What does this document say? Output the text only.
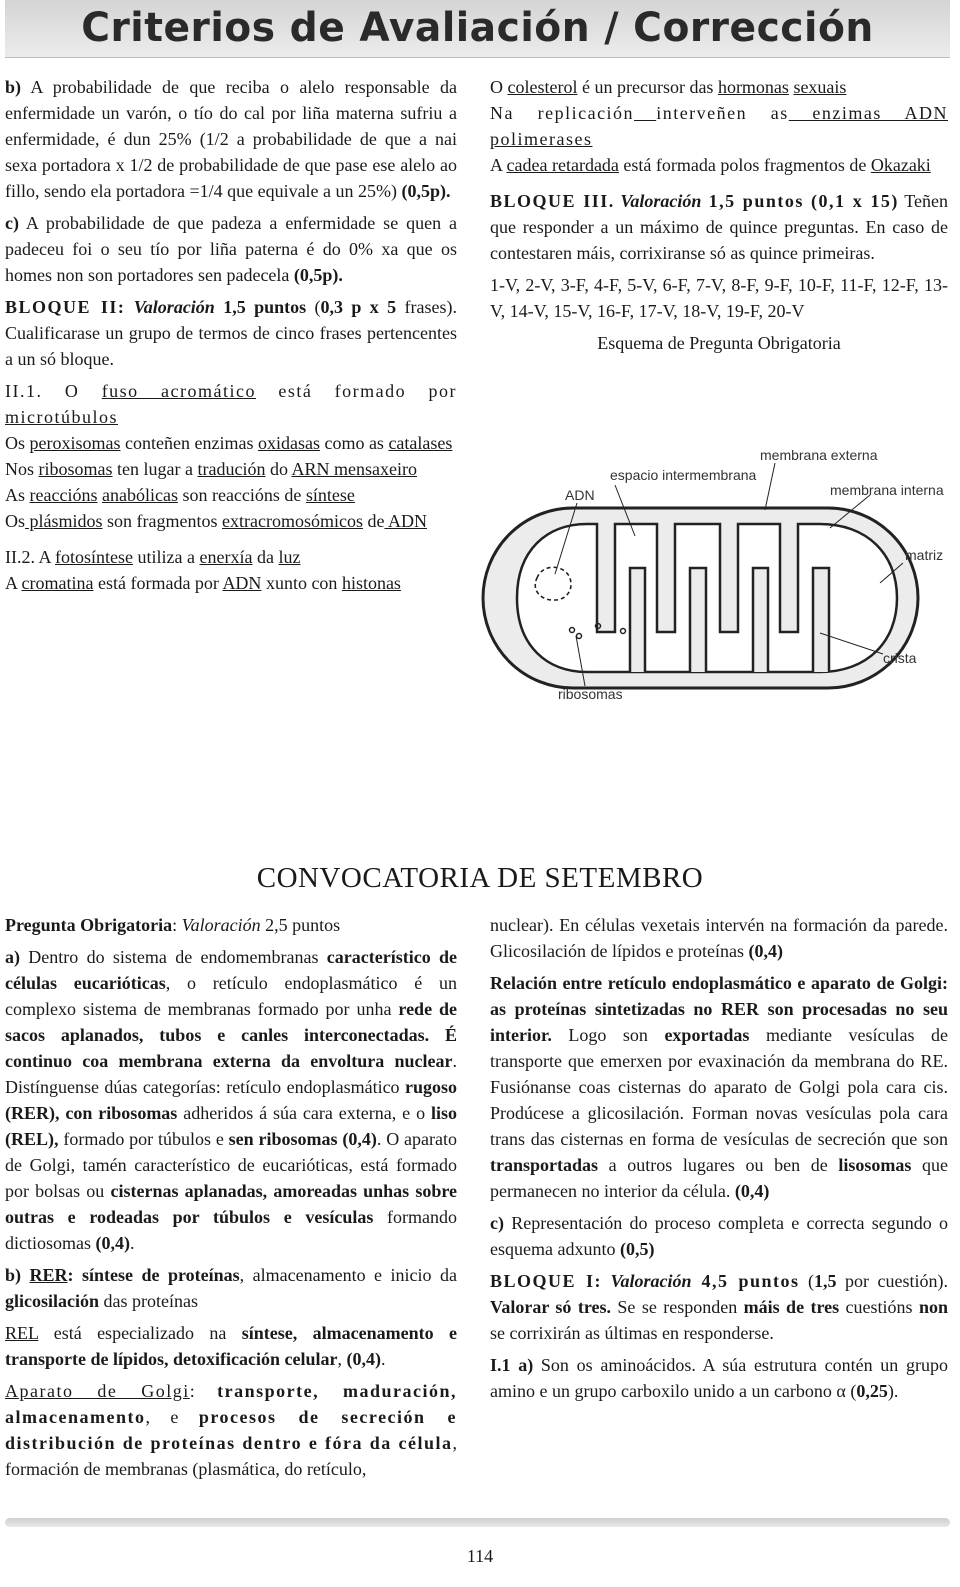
Criterios de Avaliación / Corrección

b) A probabilidade de que reciba o alelo responsable da enfermidade un varón, o tío do cal por liña materna sufriu a enfermidade, é dun 25% (1/2 a probabilidade de que a nai sexa portadora x 1/2 de probabilidade de que pase ese alelo ao fillo, sendo ela portadora =1/4 que equivale a un 25%) (0,5p).

c) A probabilidade de que padeza a enfermidade se quen a padeceu foi o seu tío por liña paterna é do 0% xa que os homes non son portadores sen padecela (0,5p).

BLOQUE II: Valoración 1,5 puntos (0,3 p x 5 frases). Cualificarase un grupo de termos de cinco frases pertencentes a un só bloque.

II.1. O fuso acromático está formado por microtúbulos

Os peroxisomas conteñen enzimas oxidasas como as catalases

Nos ribosomas ten lugar a tradución do ARN mensaxeiro

As reaccións anabólicas son reaccións de síntese

Os plásmidos son fragmentos extracromosómicos de ADN

II.2. A fotosíntese utiliza a enerxía da luz

A cromatina está formada por ADN xunto con histonas

O colesterol é un precursor das hormonas sexuais

Na replicación interveñen as enzimas ADN polimerases

A cadea retardada está formada polos fragmentos de Okazaki

BLOQUE III. Valoración 1,5 puntos (0,1 x 15) Teñen que responder a un máximo de quince preguntas. En caso de contestaren máis, corrixiranse só as quince primeiras.

1-V, 2-V, 3-F, 4-F, 5-V, 6-F, 7-V, 8-F, 9-F, 10-F, 11-F, 12-F, 13-V, 14-V, 15-V, 16-F, 17-V, 18-V, 19-F, 20-V

Esquema de Pregunta Obrigatoria

membrana externa
espacio intermembrana
ADN	membrana interna
matriz
crista
ribosomas
CONVOCATORIA DE SETEMBRO

Pregunta Obrigatoria: Valoración 2,5 puntos

a) Dentro do sistema de endomembranas característico de células eucarióticas, o retículo endoplasmático é un complexo sistema de membranas formado por unha rede de sacos aplanados, tubos e canles interconectadas. É continuo coa membrana externa da envoltura nuclear. Distínguense dúas categorías: retículo endoplasmático rugoso (RER), con ribosomas adheridos á súa cara externa, e o liso (REL), formado por túbulos e sen ribosomas (0,4). O aparato de Golgi, tamén característico de eucarióticas, está formado por bolsas ou cisternas aplanadas, amoreadas unhas sobre outras e rodeadas por túbulos e vesículas formando dictiosomas (0,4).

b) RER: síntese de proteínas, almacenamento e inicio da glicosilación das proteínas

REL está especializado na síntese, almacenamento e transporte de lípidos, detoxificación celular, (0,4).

Aparato de Golgi: transporte, maduración, almacenamento, e procesos de secreción e distribución de proteínas dentro e fóra da célula, formación de membranas (plasmática, do retículo,

nuclear). En células vexetais intervén na formación da parede. Glicosilación de lípidos e proteínas (0,4)

Relación entre retículo endoplasmático e aparato de Golgi: as proteínas sintetizadas no RER son procesadas no seu interior. Logo son exportadas mediante vesículas de transporte que emerxen por evaxinación da membrana do RE. Fusiónanse coas cisternas do aparato de Golgi pola cara cis. Prodúcese a glicosilación. Forman novas vesículas pola cara trans das cisternas en forma de vesículas de secreción que son transportadas a outros lugares ou ben de lisosomas que permanecen no interior da célula. (0,4)

c) Representación do proceso completa e correcta segundo o esquema adxunto (0,5)

BLOQUE I: Valoración 4,5 puntos (1,5 por cuestión). Valorar só tres. Se se responden máis de tres cuestións non se corrixirán as últimas en responderse.

I.1 a) Son os aminoácidos. A súa estrutura contén un grupo amino e un grupo carboxilo unido a un carbono α (0,25).

114
